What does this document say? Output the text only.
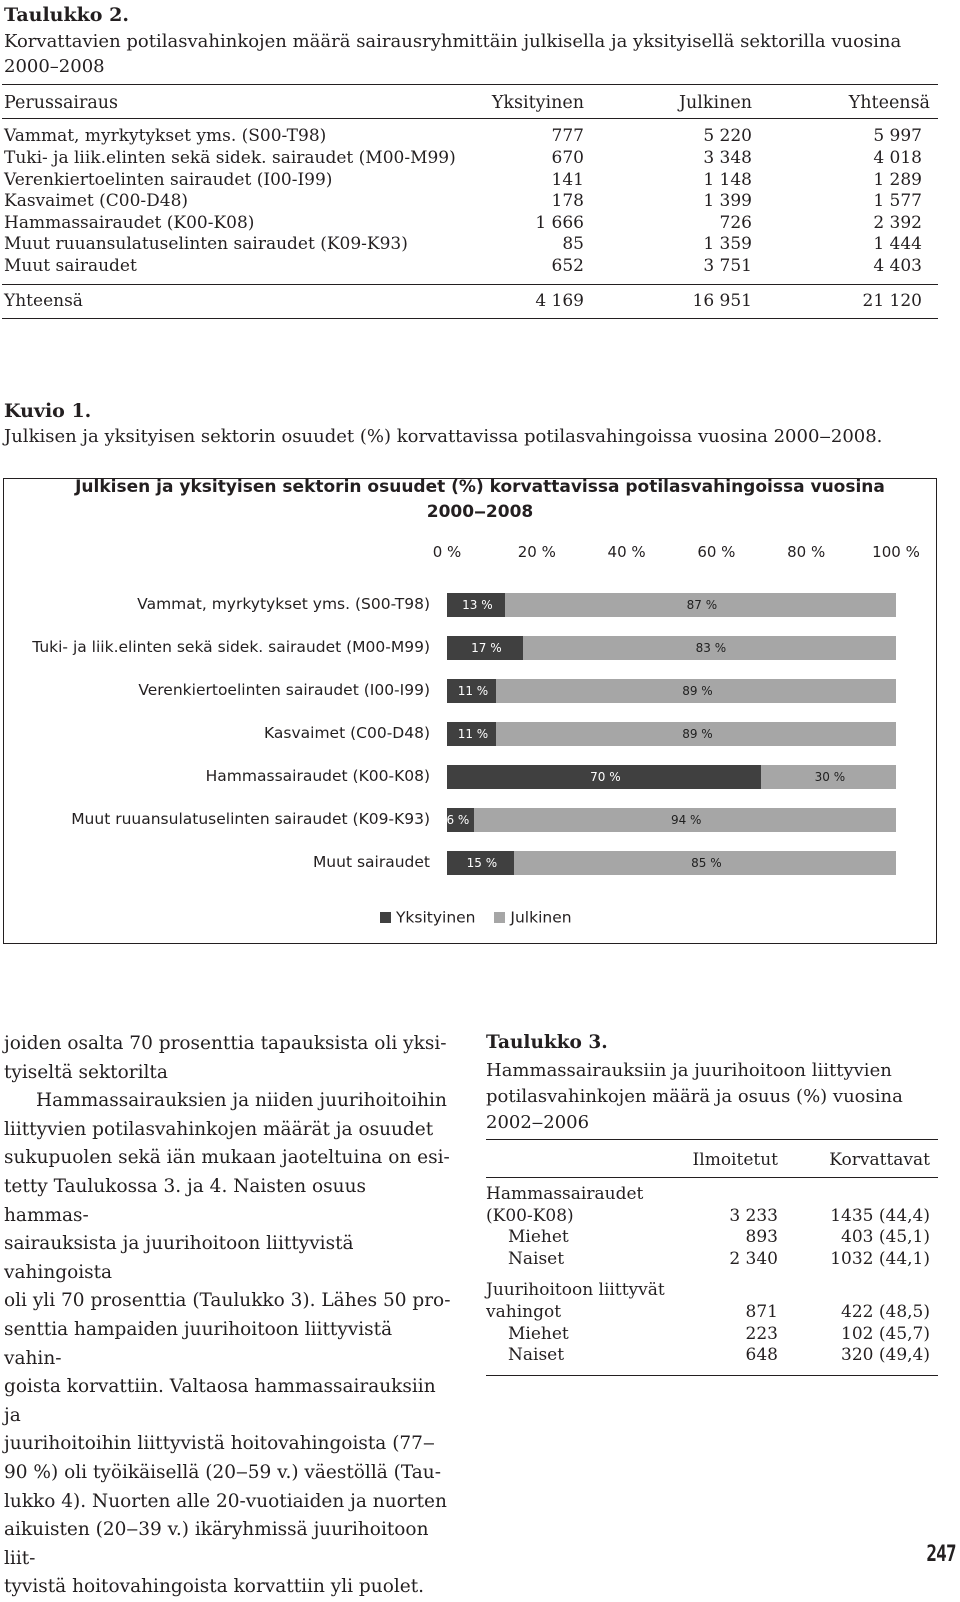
Taulukko 2.
Korvattavien potilasvahinkojen määrä sairausryhmittäin julkisella ja yksityisellä sektorilla vuosina
2000–2008
Perussairaus	Yksityinen	Julkinen	Yhteensä
Vammat, myrkytykset yms. (S00-T98)	777	5 220	5 997
Tuki- ja liik.elinten sekä sidek. sairaudet (M00-M99)	670	3 348	4 018
Verenkiertoelinten sairaudet (I00-I99)	141	1 148	1 289
Kasvaimet (C00-D48)	178	1 399	1 577
Hammassairaudet (K00-K08)	1 666	726	2 392
Muut ruuansulatuselinten sairaudet (K09-K93)	85	1 359	1 444
Muut sairaudet	652	3 751	4 403
Yhteensä	4 169	16 951	21 120
Kuvio 1.
Julkisen ja yksityisen sektorin osuudet (%) korvattavissa potilasvahingoissa vuosina 2000‒2008.
Julkisen ja yksityisen sektorin osuudet (%) korvattavissa potilasvahingoissa vuosina
2000‒2008
0 %	20 %	40 %	60 %	80 %	100 %
Vammat, myrkytykset yms. (S00-T98)	13 %	87 %
Tuki- ja liik.elinten sekä sidek. sairaudet (M00-M99)	17 %	83 %
Verenkiertoelinten sairaudet (I00-I99) 11 %	89 %
Kasvaimet (C00-D48) 11 %	89 %
Hammassairaudet (K00-K08)	70 %	30 %
Muut ruuansulatuselinten sairaudet (K09-K93) 6 %	94 %
Muut sairaudet	15 %	85 %
Yksityinen Julkinen
joiden osalta 70 prosenttia tapauksista oli yksi-
tyiseltä sektorilta
Hammassairauksien ja niiden juurihoitoihin
liittyvien potilasvahinkojen määrät ja osuudet
sukupuolen sekä iän mukaan jaoteltuina on esi-
tetty Taulukossa 3. ja 4. Naisten osuus hammas-
sairauksista ja juurihoitoon liittyvistä vahingoista
oli yli 70 prosenttia (Taulukko 3). Lähes 50 pro-
senttia hampaiden juurihoitoon liittyvistä vahin-
goista korvattiin. Valtaosa hammassairauksiin ja
juurihoitoihin liittyvistä hoitovahingoista (77‒
90 %) oli työikäisellä (20‒59 v.) väestöllä (Tau-
lukko 4). Nuorten alle 20-vuotiaiden ja nuorten
aikuisten (20‒39 v.) ikäryhmissä juurihoitoon liit-
tyvistä hoitovahingoista korvattiin yli puolet.
Taulukko 3.
Hammassairauksiin ja juurihoitoon liittyvien
potilasvahinkojen määrä ja osuus (%) vuosina
2002‒2006
Ilmoitetut	Korvattavat
Hammassairaudet
(K00-K08)	3 233	1435 (44,4)
Miehet	893	403 (45,1)
Naiset	2 340	1032 (44,1)
Juurihoitoon liittyvät
vahingot	871	422 (48,5)
Miehet	223	102 (45,7)
Naiset	648	320 (49,4)
247
